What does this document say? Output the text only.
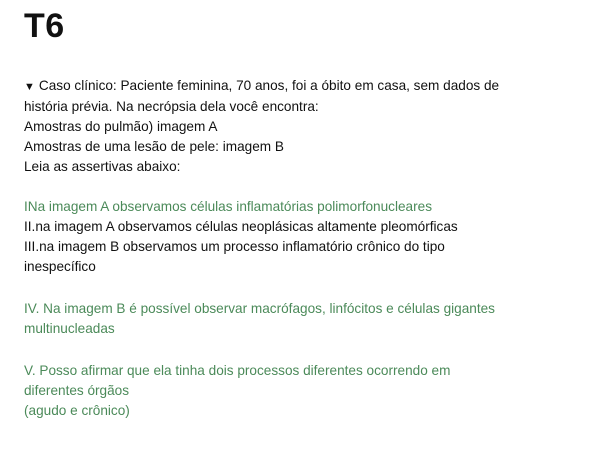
T6
▼ Caso clínico: Paciente feminina, 70 anos, foi a óbito em casa, sem dados de
história prévia. Na necrópsia dela você encontra:
Amostras do pulmão) imagem A
Amostras de uma lesão de pele: imagem B
Leia as assertivas abaixo:
INa imagem A observamos células inflamatórias polimorfonucleares
II.na imagem A observamos células neoplásicas altamente pleomórficas
III.na imagem B observamos um processo inflamatório crônico do tipo
inespecífico
IV. Na imagem B é possível observar macrófagos, linfócitos e células gigantes
multinucleadas
V. Posso afirmar que ela tinha dois processos diferentes ocorrendo em
diferentes órgãos
(agudo e crônico)
